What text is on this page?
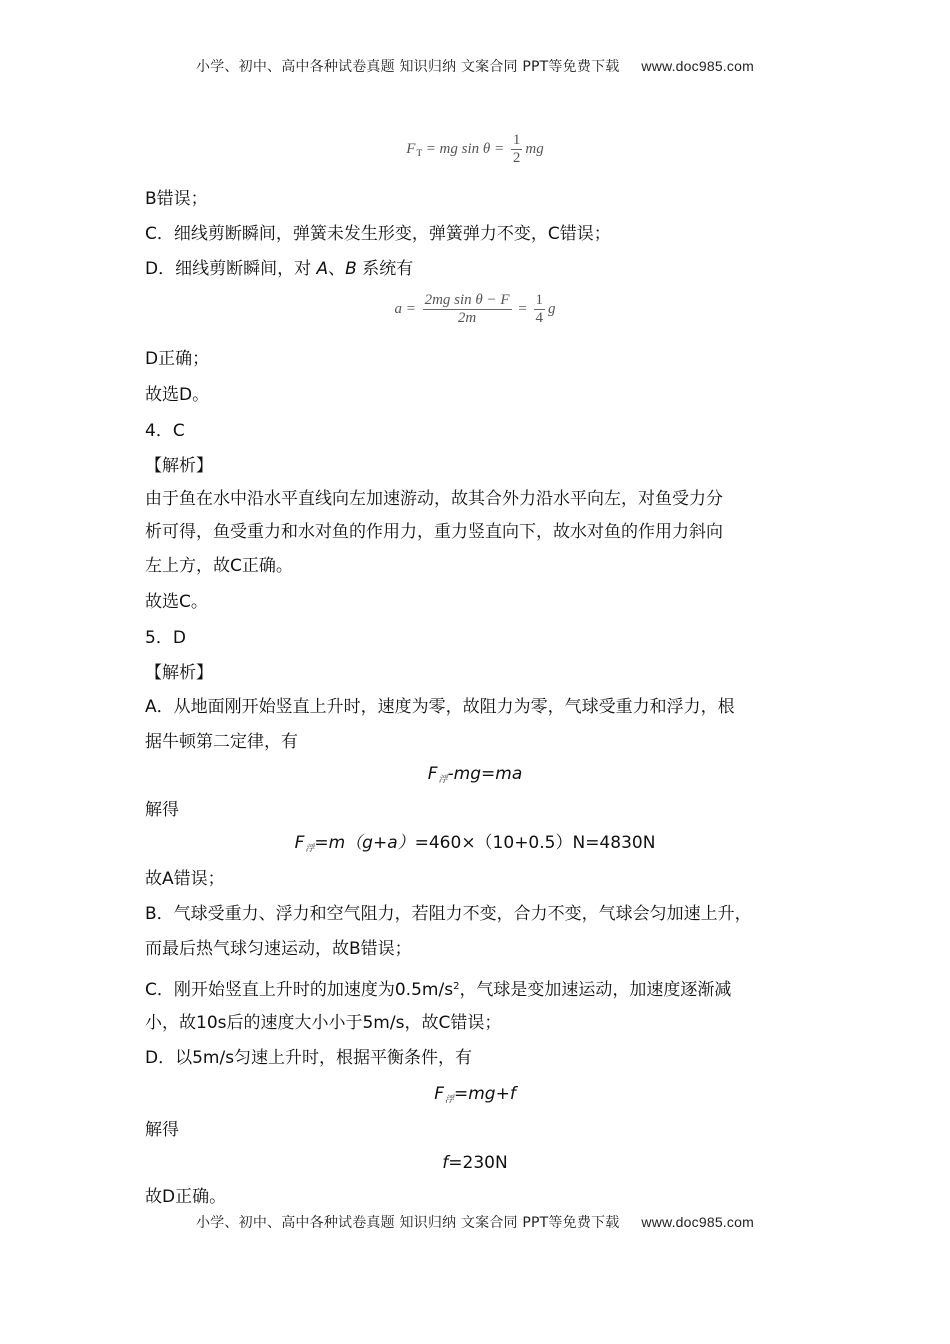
小学、初中、高中各种试卷真题 知识归纳 文案合同 PPT等免费下载 www.doc985.com
$F_T$ = mg $\sin \theta = \frac{1}{2}$ mg
B错误；
C．细线剪断瞬间，弹簧未发生形变，弹簧弹力不变，C错误；
D．细线剪断瞬间，对 A、B 系统有
$a = \frac{\text{2mg sin θ − F}}{2m} = \frac{1}{4}$ g
D正确；
故选D。
4．C
【解析】
由于鱼在水中沿水平直线向左加速游动，故其合外力沿水平向左，对鱼受力分
析可得，鱼受重力和水对鱼的作用力，重力竖直向下，故水对鱼的作用力斜向
左上方，故C正确。
故选C。
5．D
【解析】
A．从地面刚开始竖直上升时，速度为零，故阻力为零，气球受重力和浮力，根
据牛顿第二定律，有
$F_浮-mg=ma$
解得
$F_浮=m(g+a)=460\times(10+0.5)N=4830N$
故A错误；
B．气球受重力、浮力和空气阻力，若阻力不变，合力不变，气球会匀加速上升，
而最后热气球匀速运动，故B错误；
C．刚开始竖直上升时的加速度为$0.5m/s^2$，气球是变加速运动，加速度逐渐减
小，故10s后的速度大小小于5m/s，故C错误；
D．以5m/s匀速上升时，根据平衡条件，有
$F_浮=mg+f$
解得
f=230N
故D正确。
小学、初中、高中各种试卷真题 知识归纳 文案合同 PPT等免费下载 www.doc985.com
